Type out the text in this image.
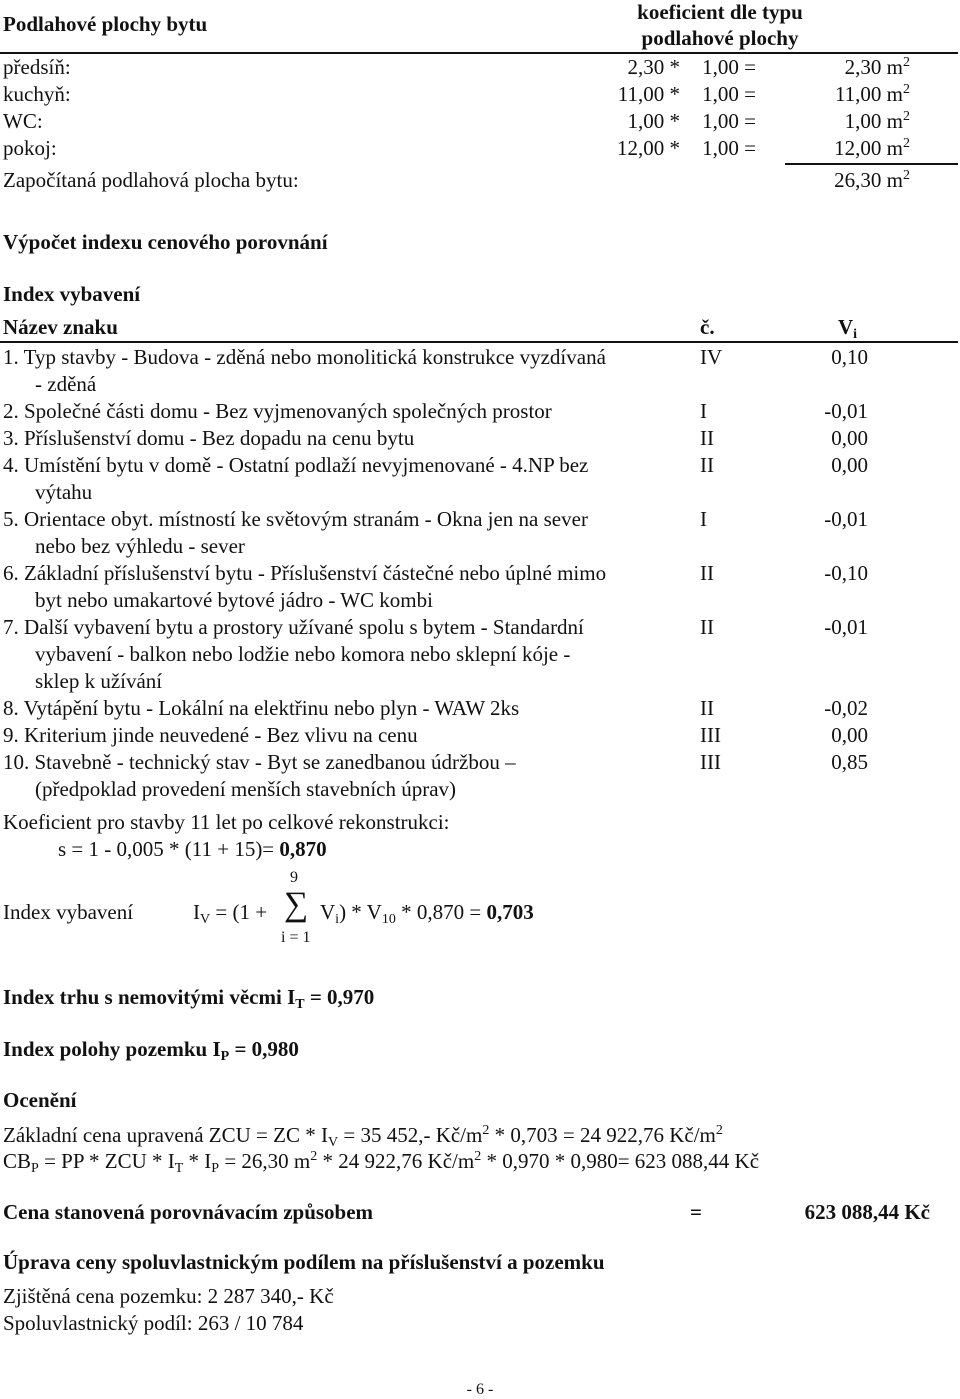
Podlahové plochy bytu	koeficient dle typu
podlahové plochy
předsíň:	2,30 *	1,00 =	2,30 $m^2$
kuchyň:	11,00 *	1,00 =	11,00 $m^2$
WC:	1,00 *	1,00 =	1,00 $m^2$
pokoj:	12,00 *	1,00 =	12,00 $m^2$
Započítaná podlahová plocha bytu:	26,30 $m^2$
Výpočet indexu cenového porovnání
Index vybavení
Název znaku	č.	$V_i$
1. Typ stavby - Budova - zděná nebo monolitická konstrukce vyzdívaná
- zděná
IV	0,10
2. Společné části domu - Bez vyjmenovaných společných prostor	I	-0,01
3. Příslušenství domu - Bez dopadu na cenu bytu	II	0,00
4. Umístění bytu v domě - Ostatní podlaží nevyjmenované - 4.NP bez
výtahu
II	0,00
5. Orientace obyt. místností ke světovým stranám - Okna jen na sever
nebo bez výhledu - sever
I	-0,01
6. Základní příslušenství bytu - Příslušenství částečné nebo úplné mimo
byt nebo umakartové bytové jádro - WC kombi
II	-0,10
7. Další vybavení bytu a prostory užívané spolu s bytem - Standardní
vybavení - balkon nebo lodžie nebo komora nebo sklepní kóje -
sklep k užívání
II	-0,01
8. Vytápění bytu - Lokální na elektřinu nebo plyn - WAW 2ks	II	-0,02
9. Kriterium jinde neuvedené - Bez vlivu na cenu	III	0,00
10. Stavebně - technický stav - Byt se zanedbanou údržbou –
(předpoklad provedení menších stavebních úprav)
III	0,85
Koeficient pro stavby 11 let po celkové rekonstrukci:
s = 1 - 0,005 * (11 + 15)= 0,870
9
Index vybavení	$I_V = (1$ + ∑ $V_i) * V_{10} * 0,870 = 0,703$
i = 1
Index trhu s nemovitými věcmi $I_T = 0,970$
Index polohy pozemku $I_P = 0,980$
Ocenění
Základní cena upravená ZCU = ZC * $I_V = 35$ 452,- $Kč/m^2 * 0,703 = 24$ 922,76 $Kč/m^2$
$CB_P$ = PP * ZCU * $I_T * I_P = 26,30$ $m^2 * 24$ 922,76 $Kč/m^2 * 0,970 * 0,980= 623$ 088,44 Kč
Cena stanovená porovnávacím způsobem	=	623 088,44 Kč
Úprava ceny spoluvlastnickým podílem na příslušenství a pozemku
Zjištěná cena pozemku: 2 287 340,- Kč
Spoluvlastnický podíl: 263 / 10 784
- 6 -
